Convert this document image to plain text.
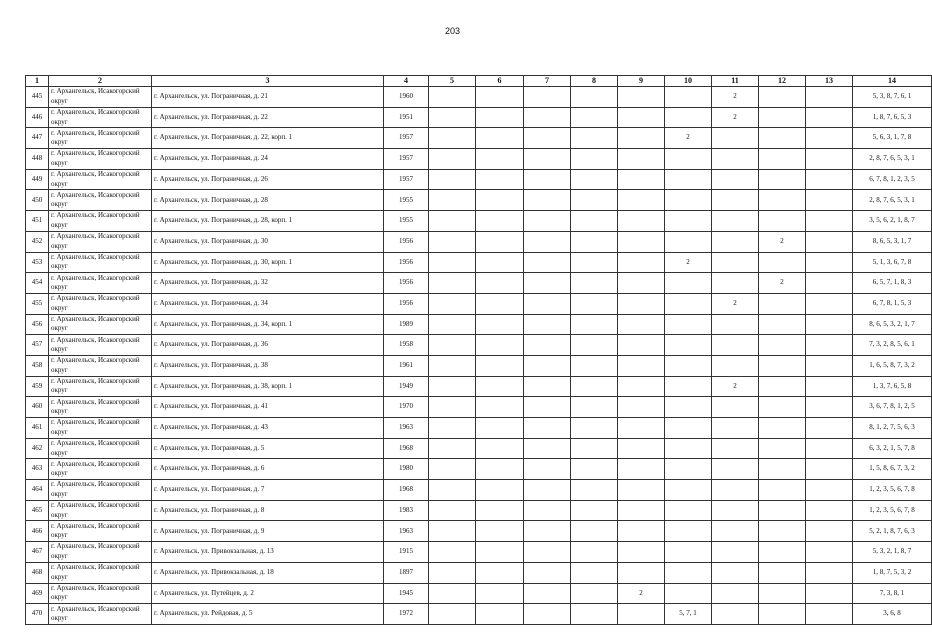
203
1	2	3	4	5	6	7	8	9	10	11	12	13	14
445	г. Архангельск, Исакогорский округ	г. Архангельск, ул. Пограничная, д. 21	1960							2			5, 3, 8, 7, 6, 1
446	г. Архангельск, Исакогорский округ	г. Архангельск, ул. Пограничная, д. 22	1951							2			1, 8, 7, 6, 5, 3
447	г. Архангельск, Исакогорский округ	г. Архангельск, ул. Пограничная, д. 22, корп. 1	1957						2				5, 6, 3, 1, 7, 8
448	г. Архангельск, Исакогорский округ	г. Архангельск, ул. Пограничная, д. 24	1957										2, 8, 7, 6, 5, 3, 1
449	г. Архангельск, Исакогорский округ	г. Архангельск, ул. Пограничная, д. 26	1957										6, 7, 8, 1, 2, 3, 5
450	г. Архангельск, Исакогорский округ	г. Архангельск, ул. Пограничная, д. 28	1955										2, 8, 7, 6, 5, 3, 1
451	г. Архангельск, Исакогорский округ	г. Архангельск, ул. Пограничная, д. 28, корп. 1	1955										3, 5, 6, 2, 1, 8, 7
452	г. Архангельск, Исакогорский округ	г. Архангельск, ул. Пограничная, д. 30	1956								2		8, 6, 5, 3, 1, 7
453	г. Архангельск, Исакогорский округ	г. Архангельск, ул. Пограничная, д. 30, корп. 1	1956						2				5, 1, 3, 6, 7, 8
454	г. Архангельск, Исакогорский округ	г. Архангельск, ул. Пограничная, д. 32	1956								2		6, 5, 7, 1, 8, 3
455	г. Архангельск, Исакогорский округ	г. Архангельск, ул. Пограничная, д. 34	1956							2			6, 7, 8, 1, 5, 3
456	г. Архангельск, Исакогорский округ	г. Архангельск, ул. Пограничная, д. 34, корп. 1	1989										8, 6, 5, 3, 2, 1, 7
457	г. Архангельск, Исакогорский округ	г. Архангельск, ул. Пограничная, д. 36	1958										7, 3, 2, 8, 5, 6, 1
458	г. Архангельск, Исакогорский округ	г. Архангельск, ул. Пограничная, д. 38	1961										1, 6, 5, 8, 7, 3, 2
459	г. Архангельск, Исакогорский округ	г. Архангельск, ул. Пограничная, д. 38, корп. 1	1949							2			1, 3, 7, 6, 5, 8
460	г. Архангельск, Исакогорский округ	г. Архангельск, ул. Пограничная, д. 41	1970										3, 6, 7, 8, 1, 2, 5
461	г. Архангельск, Исакогорский округ	г. Архангельск, ул. Пограничная, д. 43	1963										8, 1, 2, 7, 5, 6, 3
462	г. Архангельск, Исакогорский округ	г. Архангельск, ул. Пограничная, д. 5	1968										6, 3, 2, 1, 5, 7, 8
463	г. Архангельск, Исакогорский округ	г. Архангельск, ул. Пограничная, д. 6	1980										1, 5, 8, 6, 7, 3, 2
464	г. Архангельск, Исакогорский округ	г. Архангельск, ул. Пограничная, д. 7	1968										1, 2, 3, 5, 6, 7, 8
465	г. Архангельск, Исакогорский округ	г. Архангельск, ул. Пограничная, д. 8	1983										1, 2, 3, 5, 6, 7, 8
466	г. Архангельск, Исакогорский округ	г. Архангельск, ул. Пограничная, д. 9	1963										5, 2, 1, 8, 7, 6, 3
467	г. Архангельск, Исакогорский округ	г. Архангельск, ул. Привокзальная, д. 13	1915										5, 3, 2, 1, 8, 7
468	г. Архангельск, Исакогорский округ	г. Архангельск, ул. Привокзальная, д. 18	1897										1, 8, 7, 5, 3, 2
469	г. Архангельск, Исакогорский округ	г. Архангельск, ул. Путейцев, д. 2	1945					2					7, 3, 8, 1
470	г. Архангельск, Исакогорский округ	г. Архангельск, ул. Рейдовая, д. 5	1972						5, 7, 1				3, 6, 8
